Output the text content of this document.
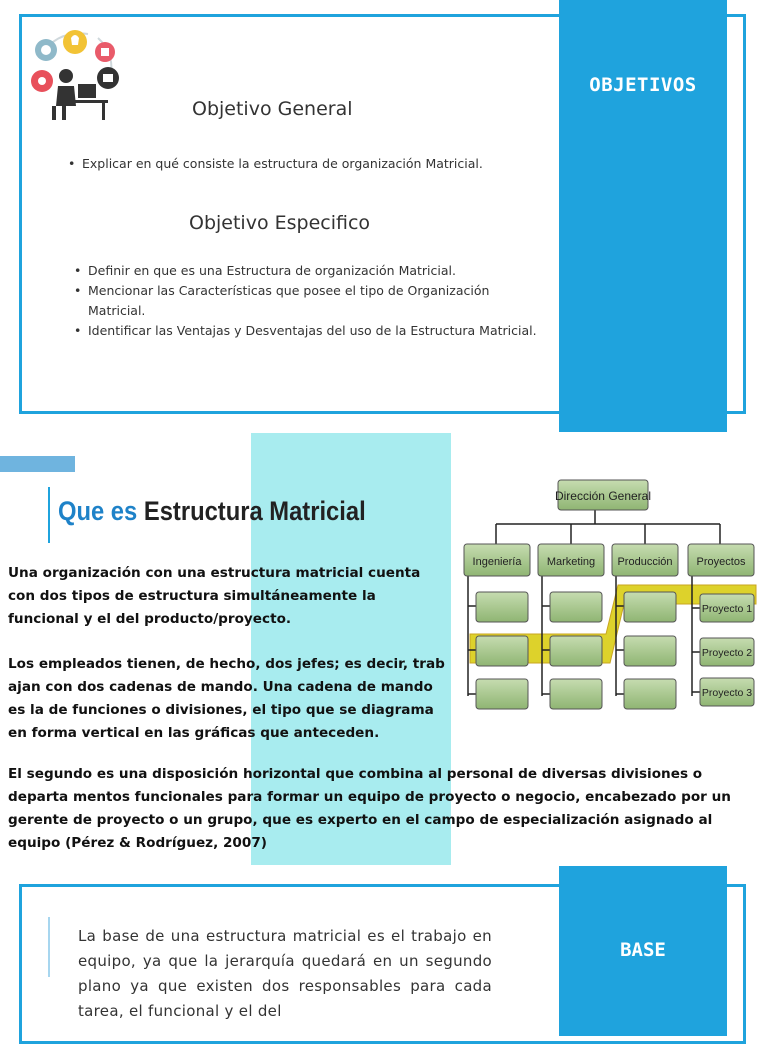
OBJETIVOS
Objetivo General
• Explicar en qué consiste la estructura de organización Matricial.
Objetivo Especifico
• Definir en que es una Estructura de organización Matricial.
• Mencionar las Características que posee el tipo de Organización Matricial.
• Identificar las Ventajas y Desventajas del uso de la Estructura Matricial.
Que es Estructura Matricial
Una organización con una estructura matricial cuenta con dos tipos de estructura simultáneamente la funcional y el del producto/proyecto.
Los empleados tienen, de hecho, dos jefes; es decir, trab ajan con dos cadenas de mando. Una cadena de mando es la de funciones o divisiones, el tipo que se diagrama en forma vertical en las gráficas que anteceden.
El segundo es una disposición horizontal que combina al personal de diversas divisiones o departa mentos funcionales para formar un equipo de proyecto o negocio, encabezado por un gerente de proyecto o un grupo, que es experto en el campo de especialización asignado al equipo (Pérez & Rodríguez, 2007)
Dirección General
Ingeniería Marketing Producción Proyectos
Proyecto 1
Proyecto 2
Proyecto 3
BASE
La base de una estructura matricial es el trabajo en equipo, ya que la jerarquía quedará en un segundo plano ya que existen dos responsables para cada tarea, el funcional y el del
